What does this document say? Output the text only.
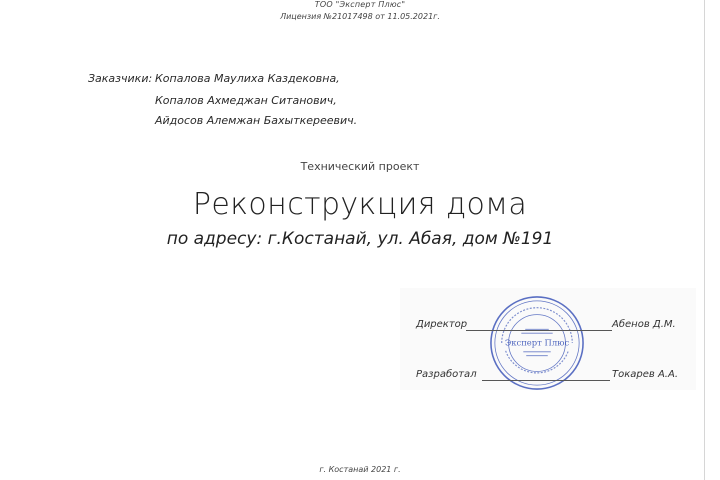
ТОО "Эксперт Плюс"
Лицензия №21017498 от 11.05.2021г.
Заказчики: Копалова Маулиха Каздековна,
Копалов Ахмеджан Ситанович,
Айдосов Алемжан Бахыткереевич.
Технический проект
Реконструкция дома
по адресу: г.Костанай, ул. Абая, дом №191
Эксперт Плюс
Директор	Абенов Д.М.
Разработал	Токарев А.А.
г. Костанай 2021 г.
